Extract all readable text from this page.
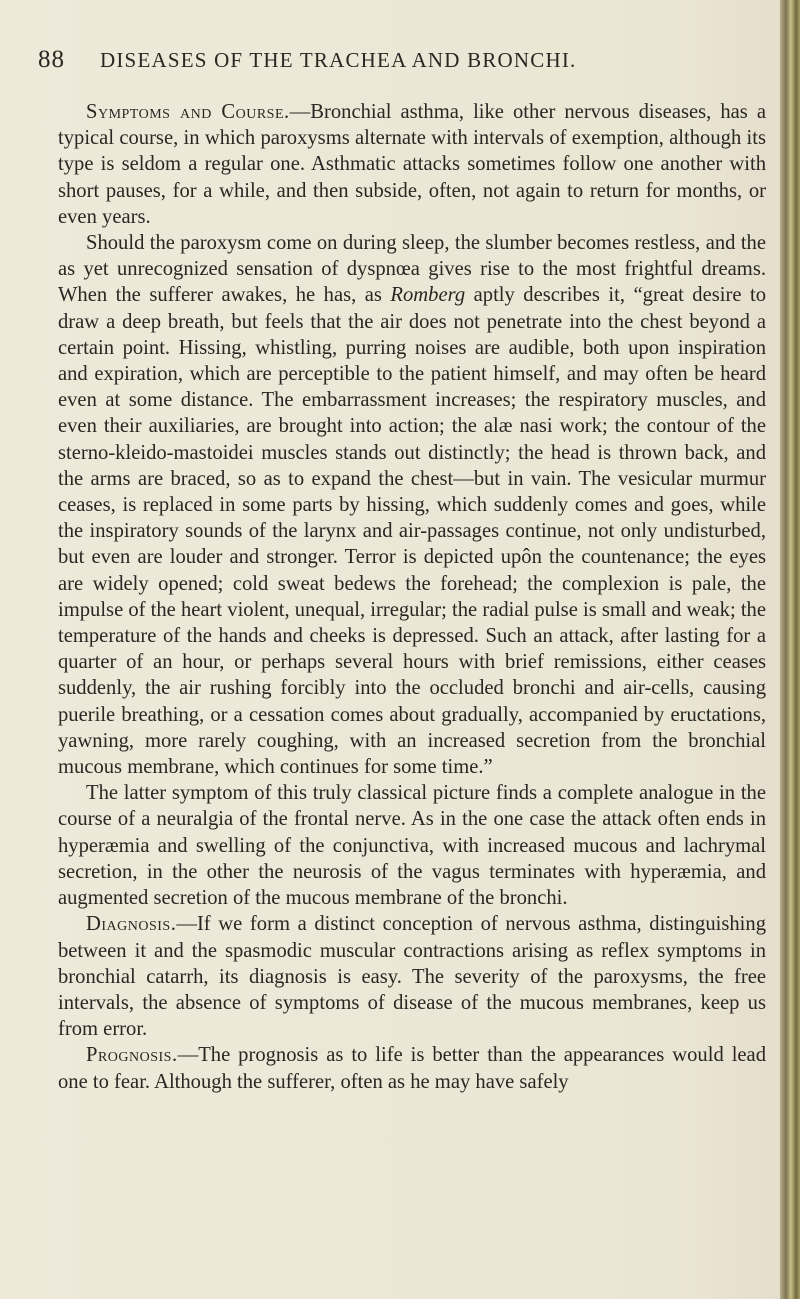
88 DISEASES OF THE TRACHEA AND BRONCHI.

Symptoms and Course.—Bronchial asthma, like other nervous diseases, has a typical course, in which paroxysms alternate with intervals of exemption, although its type is seldom a regular one. Asthmatic attacks sometimes follow one another with short pauses, for a while, and then subside, often, not again to return for months, or even years.

Should the paroxysm come on during sleep, the slumber becomes restless, and the as yet unrecognized sensation of dyspnœa gives rise to the most frightful dreams. When the sufferer awakes, he has, as Romberg aptly describes it, “great desire to draw a deep breath, but feels that the air does not penetrate into the chest beyond a certain point. Hissing, whistling, purring noises are audible, both upon inspiration and expiration, which are perceptible to the patient himself, and may often be heard even at some distance. The embarrassment increases; the respiratory muscles, and even their auxiliaries, are brought into action; the alæ nasi work; the contour of the sterno-kleido-mastoidei muscles stands out distinctly; the head is thrown back, and the arms are braced, so as to expand the chest—but in vain. The vesicular murmur ceases, is replaced in some parts by hissing, which suddenly comes and goes, while the inspiratory sounds of the larynx and air-passages continue, not only undisturbed, but even are louder and stronger. Terror is depicted upôn the countenance; the eyes are widely opened; cold sweat bedews the forehead; the complexion is pale, the impulse of the heart violent, unequal, irregular; the radial pulse is small and weak; the temperature of the hands and cheeks is depressed. Such an attack, after lasting for a quarter of an hour, or perhaps several hours with brief remissions, either ceases suddenly, the air rushing forcibly into the occluded bronchi and air-cells, causing puerile breathing, or a cessation comes about gradually, accompanied by eructations, yawning, more rarely coughing, with an increased secretion from the bronchial mucous membrane, which continues for some time.”

The latter symptom of this truly classical picture finds a complete analogue in the course of a neuralgia of the frontal nerve. As in the one case the attack often ends in hyperæmia and swelling of the conjunctiva, with increased mucous and lachrymal secretion, in the other the neurosis of the vagus terminates with hyperæmia, and augmented secretion of the mucous membrane of the bronchi.

Diagnosis.—If we form a distinct conception of nervous asthma, distinguishing between it and the spasmodic muscular contractions arising as reflex symptoms in bronchial catarrh, its diagnosis is easy. The severity of the paroxysms, the free intervals, the absence of symptoms of disease of the mucous membranes, keep us from error.

Prognosis.—The prognosis as to life is better than the appearances would lead one to fear. Although the sufferer, often as he may have safely
